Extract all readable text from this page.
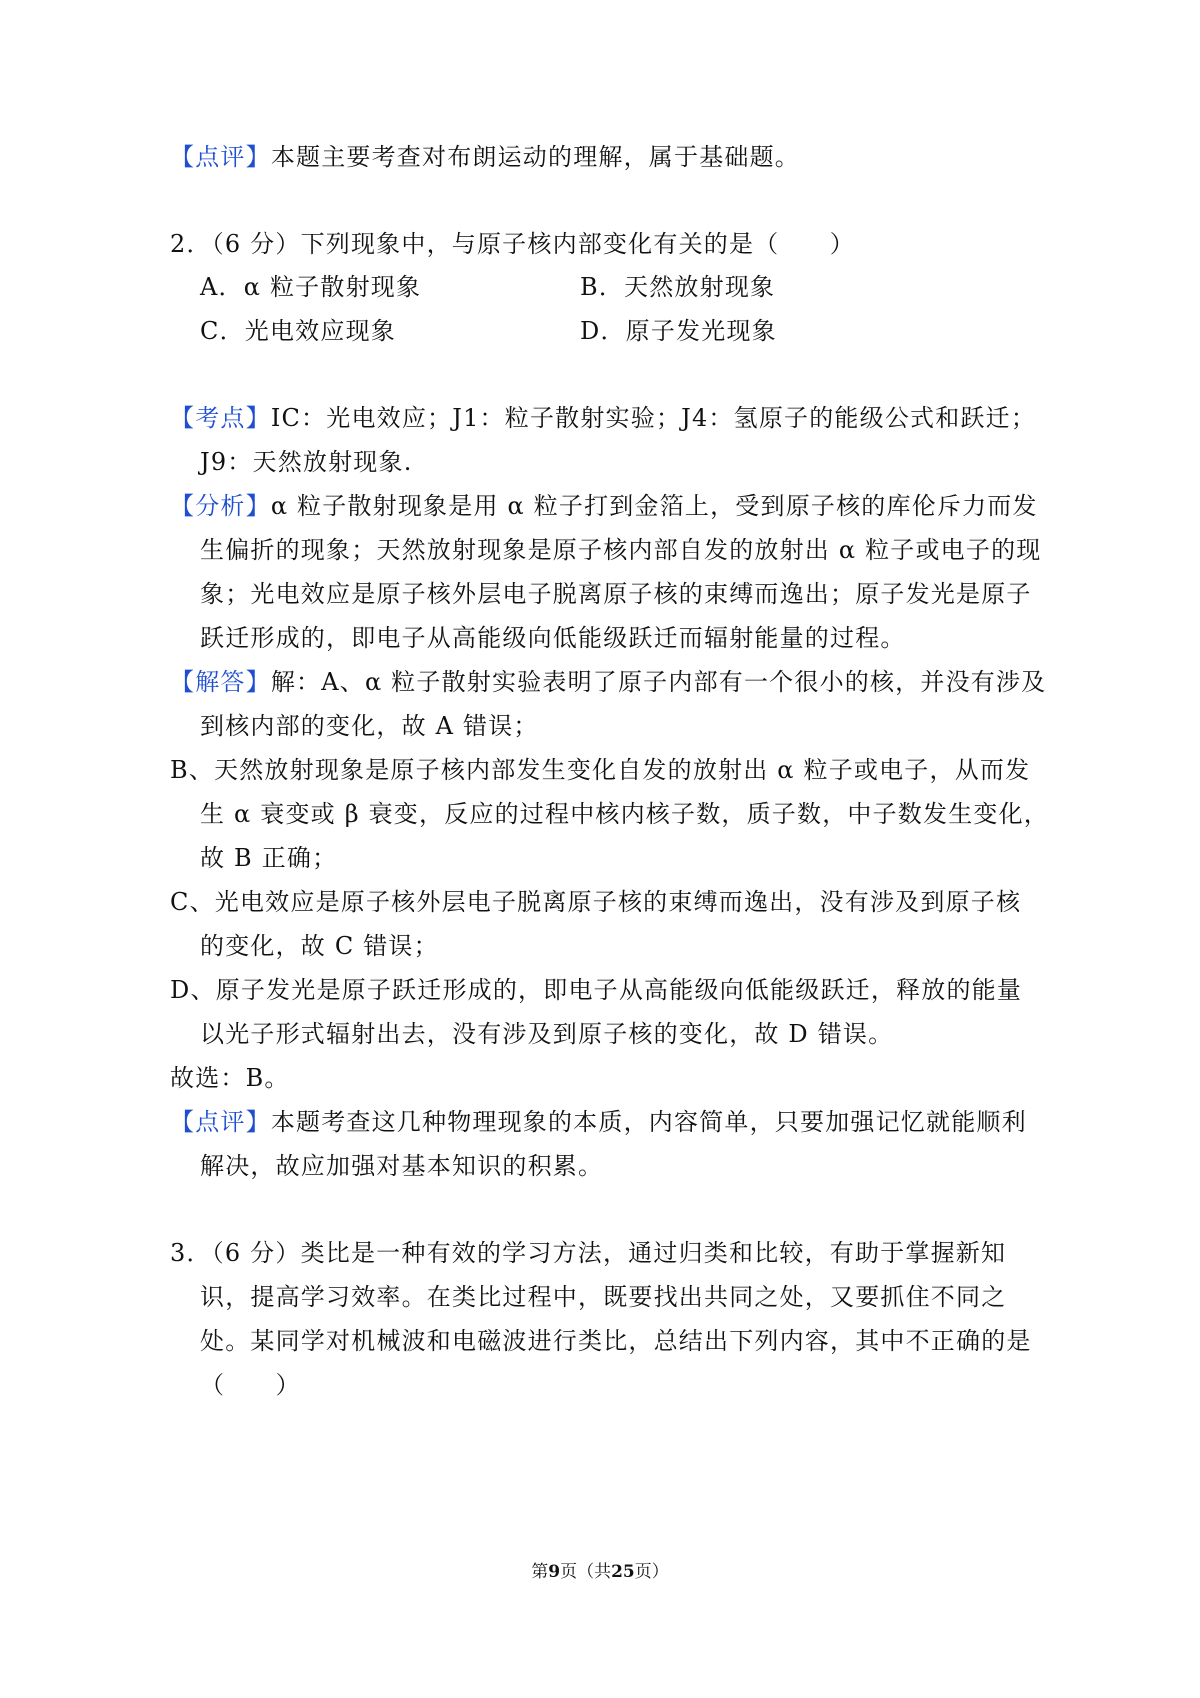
【点评】本题主要考查对布朗运动的理解，属于基础题。
2．（6 分）下列现象中，与原子核内部变化有关的是（　　）
A．α 粒子散射现象	B．天然放射现象
C．光电效应现象	D．原子发光现象
【考点】IC：光电效应；J1：粒子散射实验；J4：氢原子的能级公式和跃迁；
J9：天然放射现象.
【分析】α 粒子散射现象是用 α 粒子打到金箔上，受到原子核的库伦斥力而发
生偏折的现象；天然放射现象是原子核内部自发的放射出 α 粒子或电子的现
象；光电效应是原子核外层电子脱离原子核的束缚而逸出；原子发光是原子
跃迁形成的，即电子从高能级向低能级跃迁而辐射能量的过程。
【解答】解：A、α 粒子散射实验表明了原子内部有一个很小的核，并没有涉及
到核内部的变化，故 A 错误；
B、天然放射现象是原子核内部发生变化自发的放射出 α 粒子或电子，从而发
生 α 衰变或 β 衰变，反应的过程中核内核子数，质子数，中子数发生变化，
故 B 正确；
C、光电效应是原子核外层电子脱离原子核的束缚而逸出，没有涉及到原子核
的变化，故 C 错误；
D、原子发光是原子跃迁形成的，即电子从高能级向低能级跃迁，释放的能量
以光子形式辐射出去，没有涉及到原子核的变化，故 D 错误。
故选：B。
【点评】本题考查这几种物理现象的本质，内容简单，只要加强记忆就能顺利
解决，故应加强对基本知识的积累。
3．（6 分）类比是一种有效的学习方法，通过归类和比较，有助于掌握新知
识，提高学习效率。在类比过程中，既要找出共同之处，又要抓住不同之
处。某同学对机械波和电磁波进行类比，总结出下列内容，其中不正确的是
（　　）
第9页（共25页）
